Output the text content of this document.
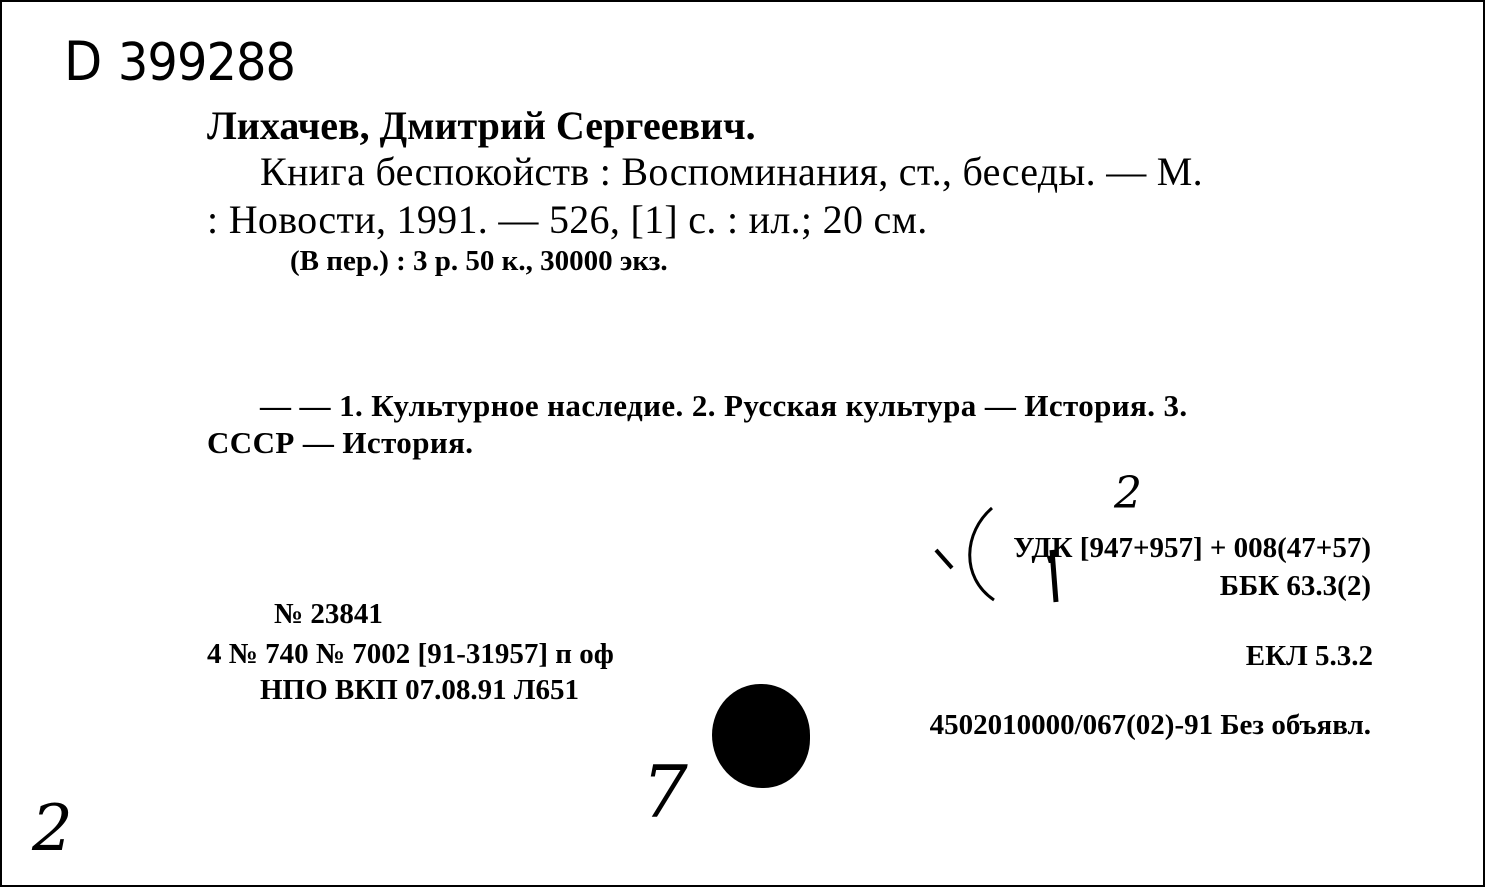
D 399288
Лихачев, Дмитрий Сергеевич.
Книга беспокойств : Воспоминания, ст., беседы. — М.
: Новости, 1991. — 526, [1] с. : ил.; 20 см.
(В пер.) : 3 р. 50 к., 30000 экз.
— — 1. Культурное наследие. 2. Русская культура — История. 3.
СССР — История.
УДК [947+957] + 008(47+57)
ББК 63.3(2)
ЕКЛ 5.3.2
4502010000/067(02)-91 Без объявл.
№ 23841
4 № 740 № 7002 [91-31957] п оф
НПО ВКП 07.08.91 Л651
2
2	7
